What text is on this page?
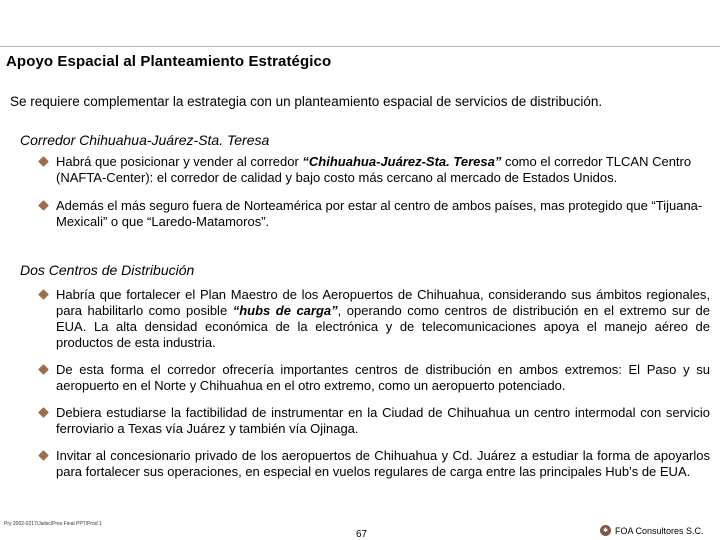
Apoyo Espacial al Planteamiento Estratégico
Se requiere complementar la estrategia con un planteamiento espacial de servicios de distribución.
Corredor Chihuahua-Juárez-Sta. Teresa
Habrá que posicionar y vender al corredor “Chihuahua-Juárez-Sta. Teresa” como el corredor TLCAN Centro (NAFTA-Center): el corredor de calidad y bajo costo más cercano al mercado de Estados Unidos.
Además el más seguro fuera de Norteamérica por estar al centro de ambos países, mas protegido que “Tijuana-Mexicali” o que “Laredo-Matamoros”.
Dos Centros de Distribución
Habría que fortalecer el Plan Maestro de los Aeropuertos de Chihuahua, considerando sus ámbitos regionales, para habilitarlo como posible “hubs de carga”, operando como centros de distribución en el extremo sur de EUA. La alta densidad económica de la electrónica y de telecomunicaciones apoya el manejo aéreo de productos de esta industria.
De esta forma el corredor ofrecería importantes centros de distribución en ambos extremos: El Paso y su aeropuerto en el Norte y Chihuahua en el otro extremo, como un aeropuerto potenciado.
Debiera estudiarse la factibilidad de instrumentar en la Ciudad de Chihuahua un centro intermodal con servicio ferroviario a Texas vía Juárez y también vía Ojinaga.
Invitar al concesionario privado de los aeropuertos de Chihuahua y Cd. Juárez a estudiar la forma de apoyarlos para fortalecer sus operaciones, en especial en vuelos regulares de carga entre las principales Hub’s de EUA.
Pry 2002-0217/Jalisc/Pres Final PPT/Prod 1
67	✱ FOA Consultores S.C.
